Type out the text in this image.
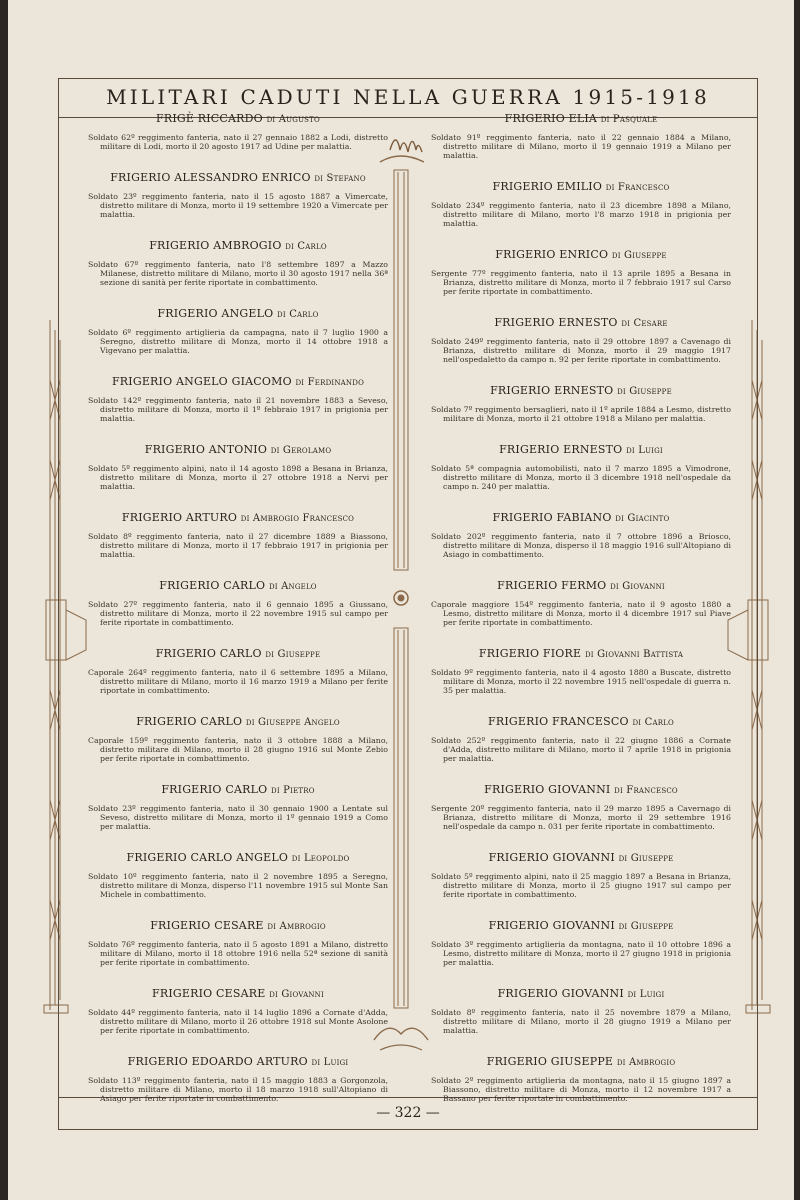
MILITARI CADUTI NELLA GUERRA 1915-1918
— 322 —
FRIGÈ RICCARDO di Augusto
Soldato 62º reggimento fanteria, nato il 27 gennaio 1882 a Lodi, distretto militare di Lodi, morto il 20 agosto 1917 ad Udine per malattia.
FRIGERIO ALESSANDRO ENRICO di Stefano
Soldato 23º reggimento fanteria, nato il 15 agosto 1887 a Vimercate, distretto militare di Monza, morto il 19 settembre 1920 a Vimercate per malattia.
FRIGERIO AMBROGIO di Carlo
Soldato 67º reggimento fanteria, nato l'8 settembre 1897 a Mazzo Milanese, distretto militare di Milano, morto il 30 agosto 1917 nella 36ª sezione di sanità per ferite riportate in combattimento.
FRIGERIO ANGELO di Carlo
Soldato 6º reggimento artiglieria da campagna, nato il 7 luglio 1900 a Seregno, distretto militare di Monza, morto il 14 ottobre 1918 a Vigevano per malattia.
FRIGERIO ANGELO GIACOMO di Ferdinando
Soldato 142º reggimento fanteria, nato il 21 novembre 1883 a Seveso, distretto militare di Monza, morto il 1º febbraio 1917 in prigionia per malattia.
FRIGERIO ANTONIO di Gerolamo
Soldato 5º reggimento alpini, nato il 14 agosto 1898 a Besana in Brianza, distretto militare di Monza, morto il 27 ottobre 1918 a Nervi per malattia.
FRIGERIO ARTURO di Ambrogio Francesco
Soldato 8º reggimento fanteria, nato il 27 dicembre 1889 a Biassono, distretto militare di Monza, morto il 17 febbraio 1917 in prigionia per malattia.
FRIGERIO CARLO di Angelo
Soldato 27º reggimento fanteria, nato il 6 gennaio 1895 a Giussano, distretto militare di Monza, morto il 22 novembre 1915 sul campo per ferite riportate in combattimento.
FRIGERIO CARLO di Giuseppe
Caporale 264º reggimento fanteria, nato il 6 settembre 1895 a Milano, distretto militare di Milano, morto il 16 marzo 1919 a Milano per ferite riportate in combattimento.
FRIGERIO CARLO di Giuseppe Angelo
Caporale 159º reggimento fanteria, nato il 3 ottobre 1888 a Milano, distretto militare di Milano, morto il 28 giugno 1916 sul Monte Zebio per ferite riportate in combattimento.
FRIGERIO CARLO di Pietro
Soldato 23º reggimento fanteria, nato il 30 gennaio 1900 a Lentate sul Seveso, distretto militare di Monza, morto il 1º gennaio 1919 a Como per malattia.
FRIGERIO CARLO ANGELO di Leopoldo
Soldato 10º reggimento fanteria, nato il 2 novembre 1895 a Seregno, distretto militare di Monza, disperso l'11 novembre 1915 sul Monte San Michele in combattimento.
FRIGERIO CESARE di Ambrogio
Soldato 76º reggimento fanteria, nato il 5 agosto 1891 a Milano, distretto militare di Milano, morto il 18 ottobre 1916 nella 52ª sezione di sanità per ferite riportate in combattimento.
FRIGERIO CESARE di Giovanni
Soldato 44º reggimento fanteria, nato il 14 luglio 1896 a Cornate d'Adda, distretto militare di Milano, morto il 26 ottobre 1918 sul Monte Asolone per ferite riportate in combattimento.
FRIGERIO EDOARDO ARTURO di Luigi
Soldato 113º reggimento fanteria, nato il 15 maggio 1883 a Gorgonzola, distretto militare di Milano, morto il 18 marzo 1918 sull'Altopiano di Asiago per ferite riportate in combattimento.
FRIGERIO ELIA di Pasquale
Soldato 91º reggimento fanteria, nato il 22 gennaio 1884 a Milano, distretto militare di Milano, morto il 19 gennaio 1919 a Milano per malattia.
FRIGERIO EMILIO di Francesco
Soldato 234º reggimento fanteria, nato il 23 dicembre 1898 a Milano, distretto militare di Milano, morto l'8 marzo 1918 in prigionia per malattia.
FRIGERIO ENRICO di Giuseppe
Sergente 77º reggimento fanteria, nato il 13 aprile 1895 a Besana in Brianza, distretto militare di Monza, morto il 7 febbraio 1917 sul Carso per ferite riportate in combattimento.
FRIGERIO ERNESTO di Cesare
Soldato 249º reggimento fanteria, nato il 29 ottobre 1897 a Cavenago di Brianza, distretto militare di Monza, morto il 29 maggio 1917 nell'ospedaletto da campo n. 92 per ferite riportate in combattimento.
FRIGERIO ERNESTO di Giuseppe
Soldato 7º reggimento bersaglieri, nato il 1º aprile 1884 a Lesmo, distretto militare di Monza, morto il 21 ottobre 1918 a Milano per malattia.
FRIGERIO ERNESTO di Luigi
Soldato 5ª compagnia automobilisti, nato il 7 marzo 1895 a Vimodrone, distretto militare di Monza, morto il 3 dicembre 1918 nell'ospedale da campo n. 240 per malattia.
FRIGERIO FABIANO di Giacinto
Soldato 202º reggimento fanteria, nato il 7 ottobre 1896 a Briosco, distretto militare di Monza, disperso il 18 maggio 1916 sull'Altopiano di Asiago in combattimento.
FRIGERIO FERMO di Giovanni
Caporale maggiore 154º reggimento fanteria, nato il 9 agosto 1880 a Lesmo, distretto militare di Monza, morto il 4 dicembre 1917 sul Piave per ferite riportate in combattimento.
FRIGERIO FIORE di Giovanni Battista
Soldato 9º reggimento fanteria, nato il 4 agosto 1880 a Buscate, distretto militare di Monza, morto il 22 novembre 1915 nell'ospedale di guerra n. 35 per malattia.
FRIGERIO FRANCESCO di Carlo
Soldato 252º reggimento fanteria, nato il 22 giugno 1886 a Cornate d'Adda, distretto militare di Milano, morto il 7 aprile 1918 in prigionia per malattia.
FRIGERIO GIOVANNI di Francesco
Sergente 20º reggimento fanteria, nato il 29 marzo 1895 a Cavernago di Brianza, distretto militare di Monza, morto il 29 settembre 1916 nell'ospedale da campo n. 031 per ferite riportate in combattimento.
FRIGERIO GIOVANNI di Giuseppe
Soldato 5º reggimento alpini, nato il 25 maggio 1897 a Besana in Brianza, distretto militare di Monza, morto il 25 giugno 1917 sul campo per ferite riportate in combattimento.
FRIGERIO GIOVANNI di Giuseppe
Soldato 3º reggimento artiglieria da montagna, nato il 10 ottobre 1896 a Lesmo, distretto militare di Monza, morto il 27 giugno 1918 in prigionia per malattia.
FRIGERIO GIOVANNI di Luigi
Soldato 8º reggimento fanteria, nato il 25 novembre 1879 a Milano, distretto militare di Milano, morto il 28 giugno 1919 a Milano per malattia.
FRIGERIO GIUSEPPE di Ambrogio
Soldato 2º reggimento artiglieria da montagna, nato il 15 giugno 1897 a Biassono, distretto militare di Monza, morto il 12 novembre 1917 a Bassano per ferite riportate in combattimento.
